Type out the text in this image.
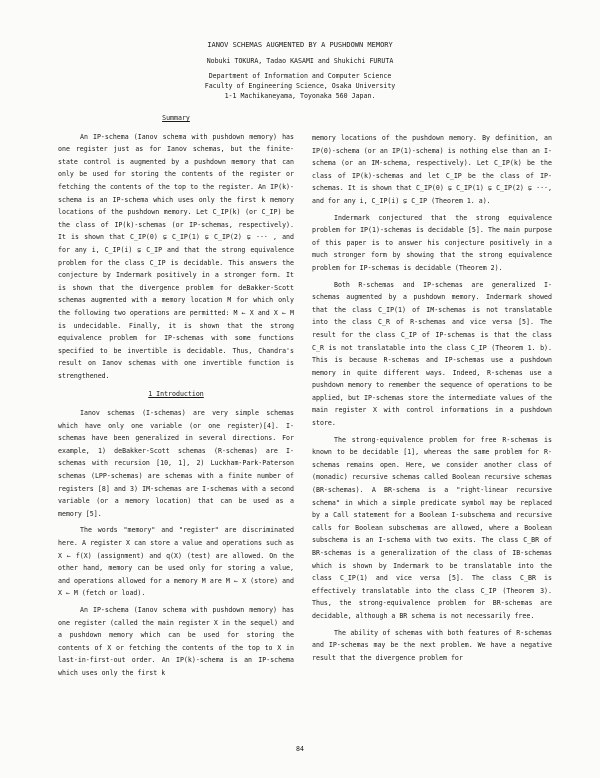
IANOV SCHEMAS AUGMENTED BY A PUSHDOWN MEMORY
Nobuki TOKURA, Tadao KASAMI and Shukichi FURUTA
Department of Information and Computer Science
Faculty of Engineering Science, Osaka University
1-1 Machikaneyama, Toyonaka 560 Japan.
Summary

An IP-schema (Ianov schema with pushdown memory) has one register just as for Ianov schemas, but the finite-state control is augmented by a pushdown memory that can only be used for storing the contents of the register or fetching the contents of the top to the register. An IP(k)-schema is an IP-schema which uses only the first k memory locations of the pushdown memory. Let C_IP(k) (or C_IP) be the class of IP(k)-schemas (or IP-schemas, respectively). It is shown that C_IP(0) ⊊ C_IP(1) ⊊ C_IP(2) ⊊ ··· , and for any i, C_IP(i) ⊊ C_IP and that the strong equivalence problem for the class C_IP is decidable. This answers the conjecture by Indermark positively in a stronger form. It is shown that the divergence problem for deBakker-Scott schemas augmented with a memory location M for which only the following two operations are permitted: M ← X and X ← M is undecidable. Finally, it is shown that the strong equivalence problem for IP-schemas with some functions specified to be invertible is decidable. Thus, Chandra's result on Ianov schemas with one invertible function is strengthened.

1 Introduction

Ianov schemas (I-schemas) are very simple schemas which have only one variable (or one register)[4]. I-schemas have been generalized in several directions. For example, 1) deBakker-Scott schemas (R-schemas) are I-schemas with recursion [10, 1], 2) Luckham-Park-Paterson schemas (LPP-schemas) are schemas with a finite number of registers [8] and 3) IM-schemas are I-schemas with a second variable (or a memory location) that can be used as a memory [5].

The words "memory" and "register" are discriminated here. A register X can store a value and operations such as X ← f(X) (assignment) and q(X) (test) are allowed. On the other hand, memory can be used only for storing a value, and operations allowed for a memory M are M ← X (store) and X ← M (fetch or load).

An IP-schema (Ianov schema with pushdown memory) has one register (called the main register X in the sequel) and a pushdown memory which can be used for storing the contents of X or fetching the contents of the top to X in last-in-first-out order. An IP(k)-schema is an IP-schema which uses only the first k

memory locations of the pushdown memory. By definition, an IP(0)-schema (or an IP(1)-schema) is nothing else than an I-schema (or an IM-schema, respectively). Let C_IP(k) be the class of IP(k)-schemas and let C_IP be the class of IP-schemas. It is shown that C_IP(0) ⊊ C_IP(1) ⊊ C_IP(2) ⊊ ···, and for any i, C_IP(i) ⊊ C_IP (Theorem 1. a).

Indermark conjectured that the strong equivalence problem for IP(1)-schemas is decidable [5]. The main purpose of this paper is to answer his conjecture positively in a much stronger form by showing that the strong equivalence problem for IP-schemas is decidable (Theorem 2).

Both R-schemas and IP-schemas are generalized I-schemas augmented by a pushdown memory. Indermark showed that the class C_IP(1) of IM-schemas is not translatable into the class C_R of R-schemas and vice versa [5]. The result for the class C_IP of IP-schemas is that the class C_R is not translatable into the class C_IP (Theorem 1. b). This is because R-schemas and IP-schemas use a pushdown memory in quite different ways. Indeed, R-schemas use a pushdown memory to remember the sequence of operations to be applied, but IP-schemas store the intermediate values of the main register X with control informations in a pushdown store.

The strong-equivalence problem for free R-schemas is known to be decidable [1], whereas the same problem for R-schemas remains open. Here, we consider another class of (monadic) recursive schemas called Boolean recursive schemas (BR-schemas). A BR-schema is a "right-linear recursive schema" in which a simple predicate symbol may be replaced by a Call statement for a Boolean I-subschema and recursive calls for Boolean subschemas are allowed, where a Boolean subschema is an I-schema with two exits. The class C_BR of BR-schemas is a generalization of the class of IB-schemas which is shown by Indermark to be translatable into the class C_IP(1) and vice versa [5]. The class C_BR is effectively translatable into the class C_IP (Theorem 3). Thus, the strong-equivalence problem for BR-schemas are decidable, although a BR schema is not necessarily free.

The ability of schemas with both features of R-schemas and IP-schemas may be the next problem. We have a negative result that the divergence problem for

84
